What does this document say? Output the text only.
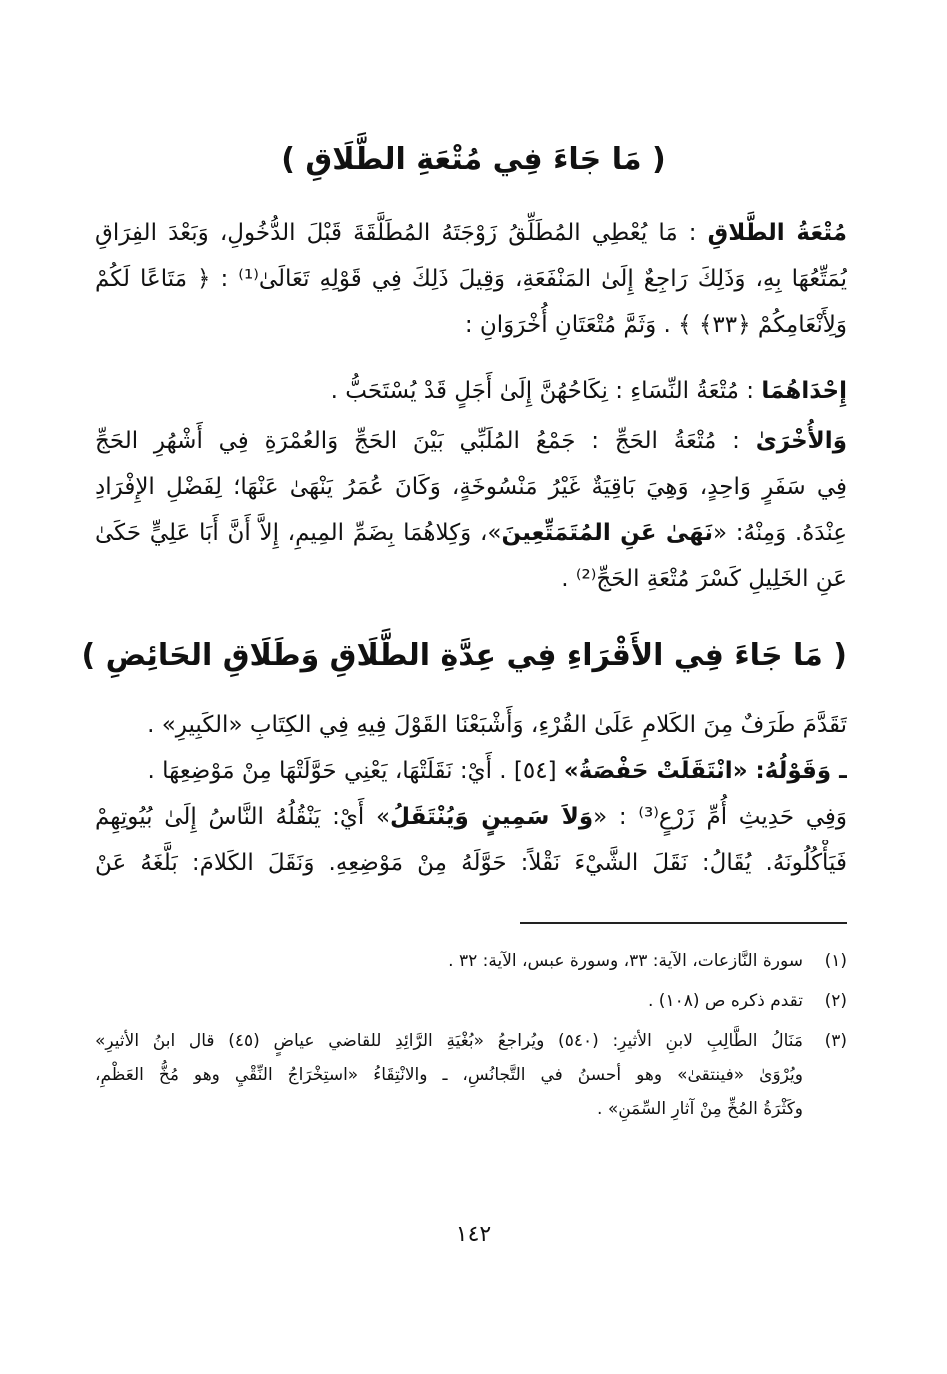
( مَا جَاءَ فِي مُتْعَةِ الطَّلَاقِ )
مُتْعَةُ الطَّلاقِ : مَا يُعْطِي المُطَلِّقُ زَوْجَتَهُ المُطَلَّقَةَ قَبْلَ الدُّخُولِ، وَبَعْدَ الفِرَاقِ
يُمَتِّعُهَا بِهِ، وَذَلِكَ رَاجِعٌ إِلَىٰ المَنْفَعَةِ، وَقِيلَ ذَلِكَ فِي قَوْلِهِ تَعَالَىٰ⁽¹⁾ : ﴿ مَتَاعًا لَكُمْ
وَلِأَنْعَامِكُمْ ﴿٣٣﴾ ﴾ . وَثَمَّ مُتْعَتَانِ أُخْرَوَانِ :
إِحْدَاهُمَا : مُتْعَةُ النِّسَاءِ : نِكَاحُهُنَّ إِلَىٰ أَجَلٍ قَدْ يُسْتَحَبُّ .
وَالأُخْرَىٰ : مُتْعَةُ الحَجِّ : جَمْعُ المُلَبِّي بَيْنَ الحَجِّ وَالعُمْرَةِ فِي أَشْهُرِ الحَجِّ
فِي سَفَرٍ وَاحِدٍ، وَهِيَ بَاقِيَةٌ غَيْرُ مَنْسُوخَةٍ، وَكَانَ عُمَرُ يَنْهَىٰ عَنْهَا؛ لِفَضْلِ الإِفْرَادِ
عِنْدَهُ. وَمِنْهُ: «نَهَىٰ عَنِ المُتَمَتِّعِينَ»، وَكِلاهُمَا بِضَمِّ المِيمِ، إِلاَّ أَنَّ أَبَا عَلِيٍّ حَكَىٰ
عَنِ الخَلِيلِ كَسْرَ مُتْعَةِ الحَجِّ⁽²⁾ .
( مَا جَاءَ فِي الأَقْرَاءِ فِي عِدَّةِ الطَّلَاقِ وَطَلَاقِ الحَائِضِ )
تَقَدَّمَ طَرَفٌ مِنَ الكَلامِ عَلَىٰ القُرْءِ، وَأَشْبَعْنَا القَوْلَ فِيهِ فِي الكِتَابِ «الكَبِيرِ» .
ـ وَقَوْلُهُ: «انْتَقَلَتْ حَفْصَةُ» [٥٤] . أَيْ: نَقَلَتْهَا، يَعْنِي حَوَّلَتْهَا مِنْ مَوْضِعِهَا .
وَفِي حَدِيثِ أُمِّ زَرْعٍ⁽³⁾ : «وَلاَ سَمِينٍ وَيُنْتَقَلُ» أَيْ: يَنْقُلُهُ النَّاسُ إِلَىٰ بُيُوتِهِمْ
فَيَأْكُلُونَهُ. يُقَالُ: نَقَلَ الشَّيْءَ نَقْلاً: حَوَّلَهُ مِنْ مَوْضِعِهِ. وَنَقَلَ الكَلامَ: بَلَّغَهُ عَنْ
(١)
سورة النَّازعات، الآية: ٣٣، وسورة عبس، الآية: ٣٢ .
(٢)
تقدم ذكره ص (١٠٨) .
(٣)
مَنَالُ الطَّالِبِ لابنِ الأثيرِ: (٥٤٠) ويُراجعُ «بُغْيَةِ الرَّائِدِ للقاضي عياضٍ (٤٥) قال ابنُ الأثيرِ»
ويُرْوَىٰ «فينتقىٰ» وهو أحسنُ في التَّجانُسِ، ـ والانْتِقَاءُ «استِخْرَاجُ النِّقْيِ وهو مُخُّ العَظْمِ،
وكَثْرَةُ المُخِّ مِنْ آثارِ السِّمَنِ» .
١٤٢
